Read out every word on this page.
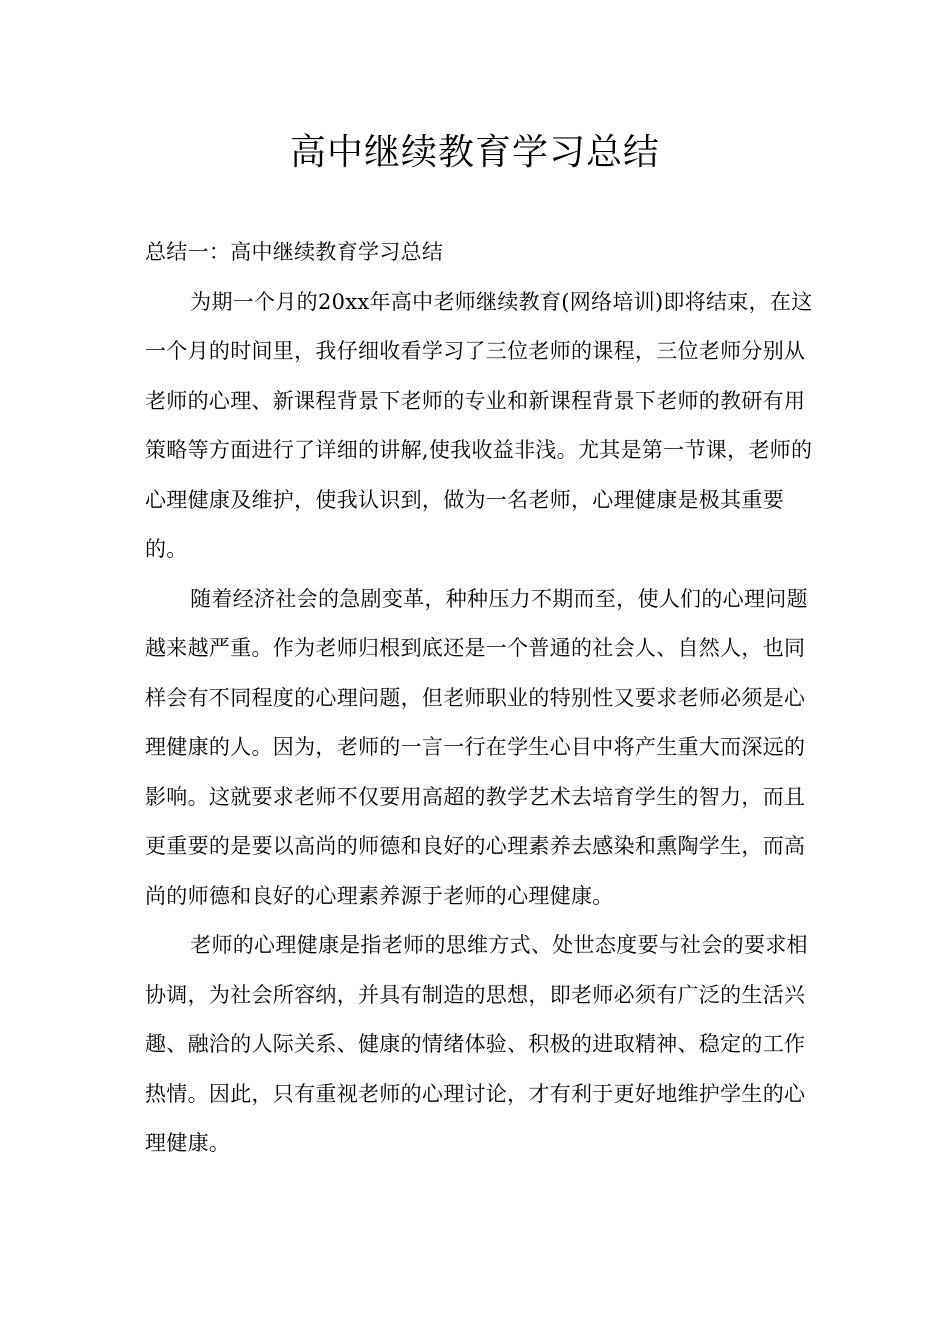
高中继续教育学习总结

总结一：高中继续教育学习总结

为期一个月的20xx年高中老师继续教育(网络培训)即将结束，在这一个月的时间里，我仔细收看学习了三位老师的课程，三位老师分别从老师的心理、新课程背景下老师的专业和新课程背景下老师的教研有用策略等方面进行了详细的讲解,使我收益非浅。尤其是第一节课，老师的心理健康及维护，使我认识到，做为一名老师，心理健康是极其重要的。

随着经济社会的急剧变革，种种压力不期而至，使人们的心理问题越来越严重。作为老师归根到底还是一个普通的社会人、自然人，也同样会有不同程度的心理问题，但老师职业的特别性又要求老师必须是心理健康的人。因为，老师的一言一行在学生心目中将产生重大而深远的影响。这就要求老师不仅要用高超的教学艺术去培育学生的智力，而且更重要的是要以高尚的师德和良好的心理素养去感染和熏陶学生，而高尚的师德和良好的心理素养源于老师的心理健康。

老师的心理健康是指老师的思维方式、处世态度要与社会的要求相协调，为社会所容纳，并具有制造的思想，即老师必须有广泛的生活兴趣、融洽的人际关系、健康的情绪体验、积极的进取精神、稳定的工作热情。因此，只有重视老师的心理讨论，才有利于更好地维护学生的心理健康。
